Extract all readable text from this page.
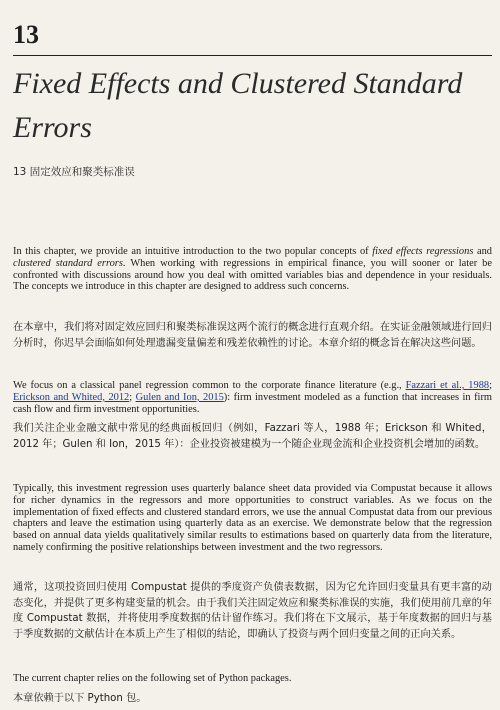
13
Fixed Effects and Clustered Standard Errors
13 固定效应和聚类标准误
In this chapter, we provide an intuitive introduction to the two popular concepts of fixed effects regressions and clustered standard errors. When working with regressions in empirical finance, you will sooner or later be confronted with discussions around how you deal with omitted variables bias and dependence in your residuals. The concepts we introduce in this chapter are designed to address such concerns.
在本章中，我们将对固定效应回归和聚类标准误这两个流行的概念进行直观介绍。在实证金融领域进行回归分析时，你迟早会面临如何处理遗漏变量偏差和残差依赖性的讨论。本章介绍的概念旨在解决这些问题。
We focus on a classical panel regression common to the corporate finance literature (e.g., Fazzari et al., 1988; Erickson and Whited, 2012; Gulen and Ion, 2015): firm investment modeled as a function that increases in firm cash flow and firm investment opportunities.
我们关注企业金融文献中常见的经典面板回归（例如，Fazzari 等人，1988 年；Erickson 和 Whited，2012 年；Gulen 和 Ion，2015 年）：企业投资被建模为一个随企业现金流和企业投资机会增加的函数。
Typically, this investment regression uses quarterly balance sheet data provided via Compustat because it allows for richer dynamics in the regressors and more opportunities to construct variables. As we focus on the implementation of fixed effects and clustered standard errors, we use the annual Compustat data from our previous chapters and leave the estimation using quarterly data as an exercise. We demonstrate below that the regression based on annual data yields qualitatively similar results to estimations based on quarterly data from the literature, namely confirming the positive relationships between investment and the two regressors.
通常，这项投资回归使用 Compustat 提供的季度资产负债表数据，因为它允许回归变量具有更丰富的动态变化，并提供了更多构建变量的机会。由于我们关注固定效应和聚类标准误的实施，我们使用前几章的年度 Compustat 数据，并将使用季度数据的估计留作练习。我们将在下文展示，基于年度数据的回归与基于季度数据的文献估计在本质上产生了相似的结论，即确认了投资与两个回归变量之间的正向关系。
The current chapter relies on the following set of Python packages.
本章依赖于以下 Python 包。
